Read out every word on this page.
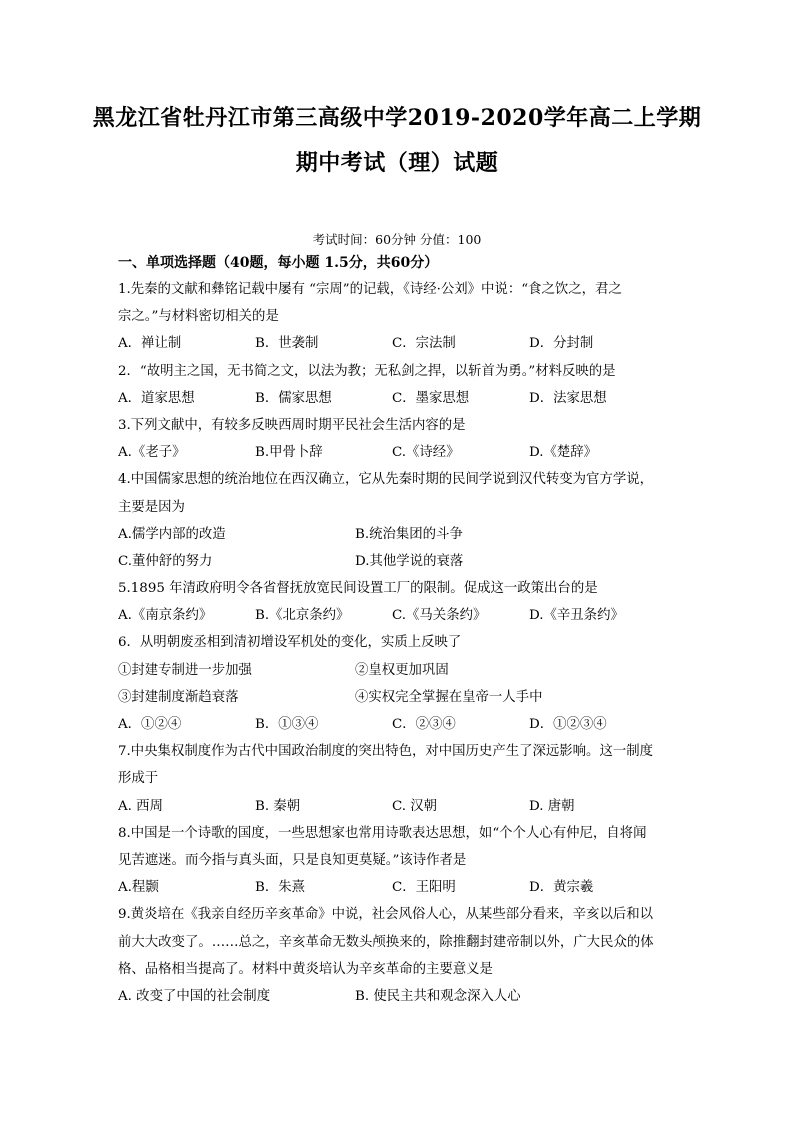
黑龙江省牡丹江市第三高级中学2019-2020学年高二上学期
期中考试（理）试题
考试时间：60分钟 分值：100
一、单项选择题（40题，每小题 1.5分，共60分）
1.先秦的文献和彝铭记载中屡有 “宗周”的记载，《诗经·公刘》中说：“食之饮之，君之
宗之。”与材料密切相关的是
A．禅让制	B．世袭制	C．宗法制	D．分封制
2．“故明主之国，无书简之文，以法为教；无私剑之捍，以斩首为勇。”材料反映的是
A．道家思想	B．儒家思想	C．墨家思想	D．法家思想
3.下列文献中，有较多反映西周时期平民社会生活内容的是
A.《老子》	B.甲骨卜辞	C.《诗经》	D.《楚辞》
4.中国儒家思想的统治地位在西汉确立，它从先秦时期的民间学说到汉代转变为官方学说，
主要是因为
A.儒学内部的改造	B.统治集团的斗争
C.董仲舒的努力	D.其他学说的衰落
5.1895 年清政府明令各省督抚放宽民间设置工厂的限制。促成这一政策出台的是
A.《南京条约》	B.《北京条约》	C.《马关条约》	D.《辛丑条约》
6．从明朝废丞相到清初增设军机处的变化，实质上反映了
①封建专制进一步加强	②皇权更加巩固
③封建制度渐趋衰落	④实权完全掌握在皇帝一人手中
A．①②④	B．①③④	C．②③④	D．①②③④
7.中央集权制度作为古代中国政治制度的突出特色，对中国历史产生了深远影响。这一制度
形成于
A. 西周	B. 秦朝	C. 汉朝	D. 唐朝
8.中国是一个诗歌的国度，一些思想家也常用诗歌表达思想，如“个个人心有仲尼，自将闻
见苦遮迷。而今指与真头面，只是良知更莫疑。”该诗作者是
A.程颢	B．朱熹	C．王阳明	D．黄宗羲
9.黄炎培在《我亲自经历辛亥革命》中说，社会风俗人心，从某些部分看来，辛亥以后和以
前大大改变了。……总之，辛亥革命无数头颅换来的，除推翻封建帝制以外，广大民众的体
格、品格相当提高了。材料中黄炎培认为辛亥革命的主要意义是
A. 改变了中国的社会制度	B. 使民主共和观念深入人心
